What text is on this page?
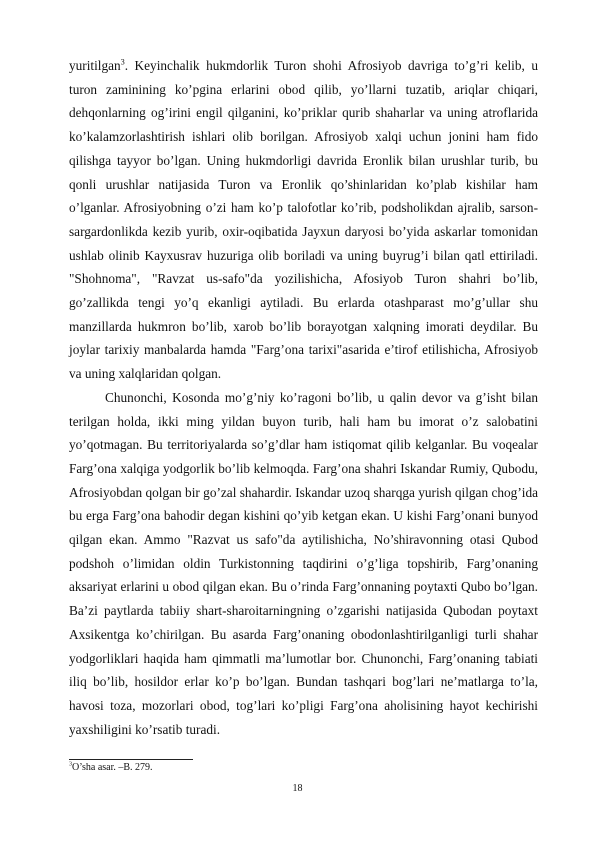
yuritilgan$^3$. Keyinchalik hukmdorlik Turon shohi Afrosiyob davriga to’g’ri kelib, u turon zaminining ko’pgina erlarini obod qilib, yo’llarni tuzatib, ariqlar chiqari, dehqonlarning og’irini engil qilganini, ko’priklar qurib shaharlar va uning atroflarida ko’kalamzorlashtirish ishlari olib borilgan. Afrosiyob xalqi uchun jonini ham fido qilishga tayyor bo’lgan. Uning hukmdorligi davrida Eronlik bilan urushlar turib, bu qonli urushlar natijasida Turon va Eronlik qo’shinlaridan ko’plab kishilar ham o’lganlar. Afrosiyobning o’zi ham ko’p talofotlar ko’rib, podsholikdan ajralib, sarson-sargardonlikda kezib yurib, oxir-oqibatida Jayxun daryosi bo’yida askarlar tomonidan ushlab olinib Kayxusrav huzuriga olib boriladi va uning buyrug’i bilan qatl ettiriladi. "Shohnoma", "Ravzat us-safo"da yozilishicha, Afosiyob Turon shahri bo’lib, go’zallikda tengi yo’q ekanligi aytiladi. Bu erlarda otashparast mo’g’ullar shu manzillarda hukmron bo’lib, xarob bo’lib borayotgan xalqning imorati deydilar. Bu joylar tarixiy manbalarda hamda "Farg’ona tarixi"asarida e’tirof etilishicha, Afrosiyob va uning xalqlaridan qolgan.

Chunonchi, Kosonda mo’g’niy ko’ragoni bo’lib, u qalin devor va g’isht bilan terilgan holda, ikki ming yildan buyon turib, hali ham bu imorat o’z salobatini yo’qotmagan. Bu territoriyalarda so’g’dlar ham istiqomat qilib kelganlar. Bu voqealar Farg’ona xalqiga yodgorlik bo’lib kelmoqda. Farg’ona shahri Iskandar Rumiy, Qubodu, Afrosiyobdan qolgan bir go’zal shahardir. Iskandar uzoq sharqga yurish qilgan chog’ida bu erga Farg’ona bahodir degan kishini qo’yib ketgan ekan. U kishi Farg’onani bunyod qilgan ekan. Ammo "Razvat us safo"da aytilishicha, No’shiravonning otasi Qubod podshoh o’limidan oldin Turkistonning taqdirini o’g’liga topshirib, Farg’onaning aksariyat erlarini u obod qilgan ekan. Bu o’rinda Farg’onnaning poytaxti Qubo bo’lgan. Ba’zi paytlarda tabiiy shart-sharoitarningning o’zgarishi natijasida Qubodan poytaxt Axsikentga ko’chirilgan. Bu asarda Farg’onaning obodonlashtirilganligi turli shahar yodgorliklari haqida ham qimmatli ma’lumotlar bor. Chunonchi, Farg’onaning tabiati iliq bo’lib, hosildor erlar ko’p bo’lgan. Bundan tashqari bog’lari ne’matlarga to’la, havosi toza, mozorlari obod, tog’lari ko’pligi Farg’ona aholisining hayot kechirishi yaxshiligini ko’rsatib turadi.

$^3$O’sha asar. –B. 279.
18
